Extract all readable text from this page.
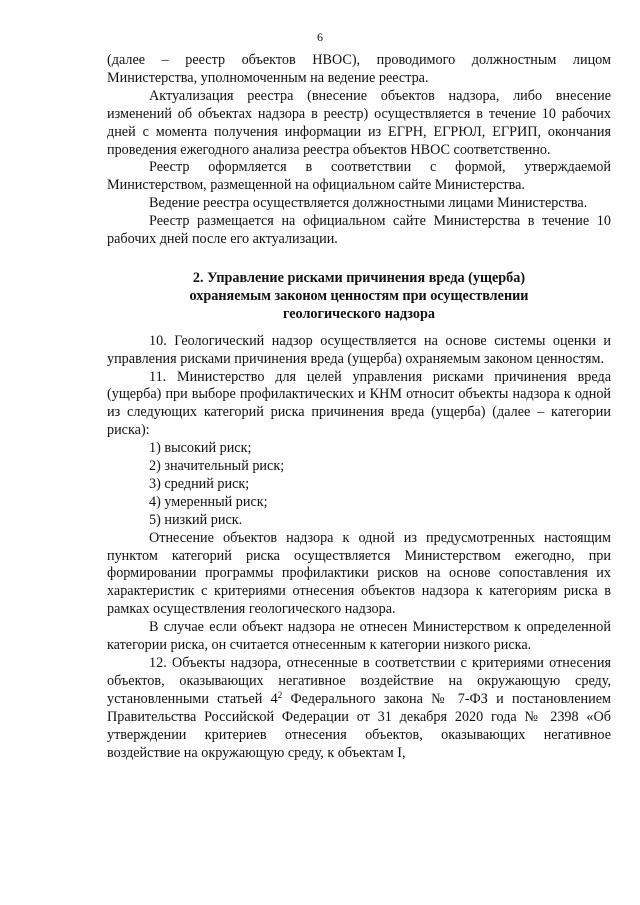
6

(далее – реестр объектов НВОС), проводимого должностным лицом Министерства, уполномоченным на ведение реестра.

Актуализация реестра (внесение объектов надзора, либо внесение изменений об объектах надзора в реестр) осуществляется в течение 10 рабочих дней с момента получения информации из ЕГРН, ЕГРЮЛ, ЕГРИП, окончания проведения ежегодного анализа реестра объектов НВОС соответственно.

Реестр оформляется в соответствии с формой, утверждаемой Министерством, размещенной на официальном сайте Министерства.

Ведение реестра осуществляется должностными лицами Министерства.

Реестр размещается на официальном сайте Министерства в течение 10 рабочих дней после его актуализации.

2. Управление рисками причинения вреда (ущерба)
охраняемым законом ценностям при осуществлении
геологического надзора

10. Геологический надзор осуществляется на основе системы оценки и управления рисками причинения вреда (ущерба) охраняемым законом ценностям.

11. Министерство для целей управления рисками причинения вреда (ущерба) при выборе профилактических и КНМ относит объекты надзора к одной из следующих категорий риска причинения вреда (ущерба) (далее – категории риска):

1) высокий риск;

2) значительный риск;

3) средний риск;

4) умеренный риск;

5) низкий риск.

Отнесение объектов надзора к одной из предусмотренных настоящим пунктом категорий риска осуществляется Министерством ежегодно, при формировании программы профилактики рисков на основе сопоставления их характеристик с критериями отнесения объектов надзора к категориям риска в рамках осуществления геологического надзора.

В случае если объект надзора не отнесен Министерством к определенной категории риска, он считается отнесенным к категории низкого риска.

12. Объекты надзора, отнесенные в соответствии с критериями отнесения объектов, оказывающих негативное воздействие на окружающую среду, установленными статьей $4^2$ Федерального закона № 7-ФЗ и постановлением Правительства Российской Федерации от 31 декабря 2020 года № 2398 «Об утверждении критериев отнесения объектов, оказывающих негативное воздействие на окружающую среду, к объектам I,
